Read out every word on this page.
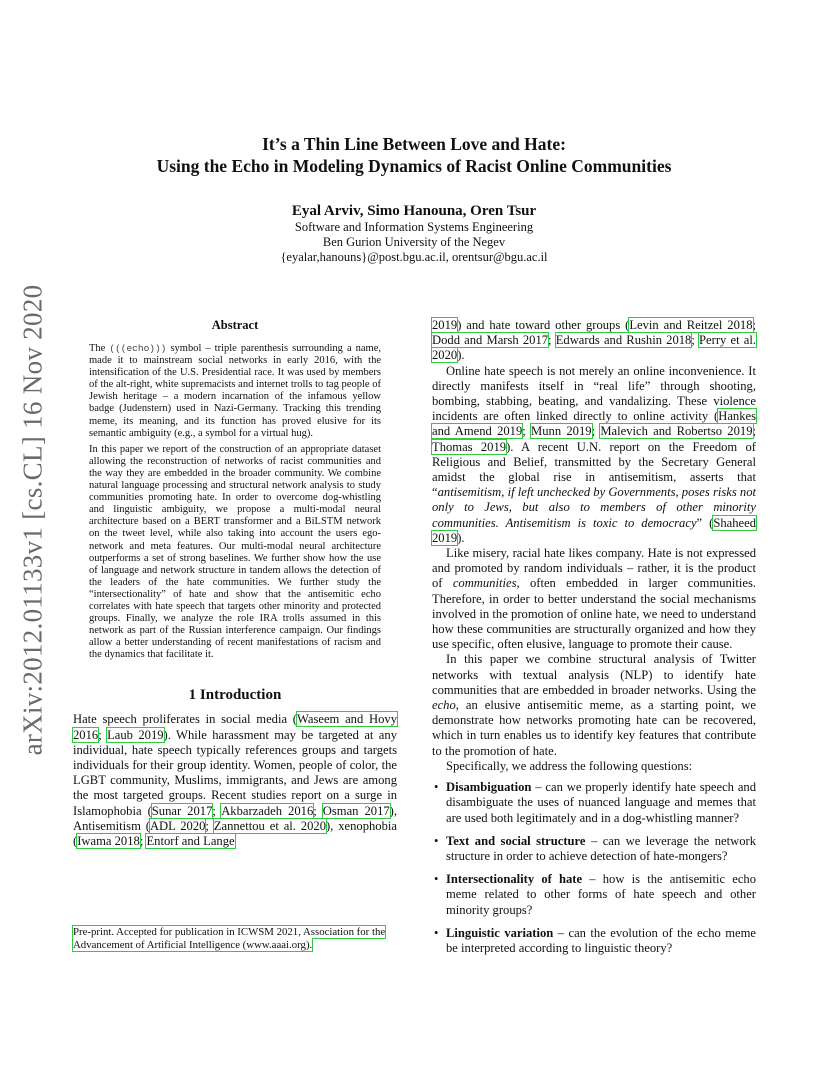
arXiv:2012.01133v1 [cs.CL] 16 Nov 2020
It’s a Thin Line Between Love and Hate:
Using the Echo in Modeling Dynamics of Racist Online Communities
Eyal Arviv, Simo Hanouna, Oren Tsur
Software and Information Systems Engineering
Ben Gurion University of the Negev
{eyalar,hanouns}@post.bgu.ac.il, orentsur@bgu.ac.il
Abstract

The (((echo))) symbol – triple parenthesis surrounding a name, made it to mainstream social networks in early 2016, with the intensification of the U.S. Presidential race. It was used by members of the alt-right, white supremacists and internet trolls to tag people of Jewish heritage – a modern incarnation of the infamous yellow badge (Judenstern) used in Nazi-Germany. Tracking this trending meme, its meaning, and its function has proved elusive for its semantic ambiguity (e.g., a symbol for a virtual hug).

In this paper we report of the construction of an appropriate dataset allowing the reconstruction of networks of racist communities and the way they are embedded in the broader community. We combine natural language processing and structural network analysis to study communities promoting hate. In order to overcome dog-whistling and linguistic ambiguity, we propose a multi-modal neural architecture based on a BERT transformer and a BiLSTM network on the tweet level, while also taking into account the users ego-network and meta features. Our multi-modal neural architecture outperforms a set of strong baselines. We further show how the use of language and network structure in tandem allows the detection of the leaders of the hate communities. We further study the “intersectionality” of hate and show that the antisemitic echo correlates with hate speech that targets other minority and protected groups. Finally, we analyze the role IRA trolls assumed in this network as part of the Russian interference campaign. Our findings allow a better understanding of recent manifestations of racism and the dynamics that facilitate it.

1 Introduction

Hate speech proliferates in social media (Waseem and Hovy 2016; Laub 2019). While harassment may be targeted at any individual, hate speech typically references groups and targets individuals for their group identity. Women, people of color, the LGBT community, Muslims, immigrants, and Jews are among the most targeted groups. Recent studies report on a surge in Islamophobia (Sunar 2017; Akbarzadeh 2016; Osman 2017), Antisemitism (ADL 2020; Zannettou et al. 2020), xenophobia (Iwama 2018; Entorf and Lange

Pre-print. Accepted for publication in ICWSM 2021, Association for the Advancement of Artificial Intelligence (www.aaai.org).

2019) and hate toward other groups (Levin and Reitzel 2018; Dodd and Marsh 2017; Edwards and Rushin 2018; Perry et al. 2020).

Online hate speech is not merely an online inconvenience. It directly manifests itself in “real life” through shooting, bombing, stabbing, beating, and vandalizing. These violence incidents are often linked directly to online activity (Hankes and Amend 2019; Munn 2019; Malevich and Robertso 2019; Thomas 2019). A recent U.N. report on the Freedom of Religious and Belief, transmitted by the Secretary General amidst the global rise in antisemitism, asserts that “antisemitism, if left unchecked by Governments, poses risks not only to Jews, but also to members of other minority communities. Antisemitism is toxic to democracy” (Shaheed 2019).

Like misery, racial hate likes company. Hate is not expressed and promoted by random individuals – rather, it is the product of communities, often embedded in larger communities. Therefore, in order to better understand the social mechanisms involved in the promotion of online hate, we need to understand how these communities are structurally organized and how they use specific, often elusive, language to promote their cause.

In this paper we combine structural analysis of Twitter networks with textual analysis (NLP) to identify hate communities that are embedded in broader networks. Using the echo, an elusive antisemitic meme, as a starting point, we demonstrate how networks promoting hate can be recovered, which in turn enables us to identify key features that contribute to the promotion of hate.

Specifically, we address the following questions:

• Disambiguation – can we properly identify hate speech and disambiguate the uses of nuanced language and memes that are used both legitimately and in a dog-whistling manner?
• Text and social structure – can we leverage the network structure in order to achieve detection of hate-mongers?
• Intersectionality of hate – how is the antisemitic echo meme related to other forms of hate speech and other minority groups?
• Linguistic variation – can the evolution of the echo meme be interpreted according to linguistic theory?
